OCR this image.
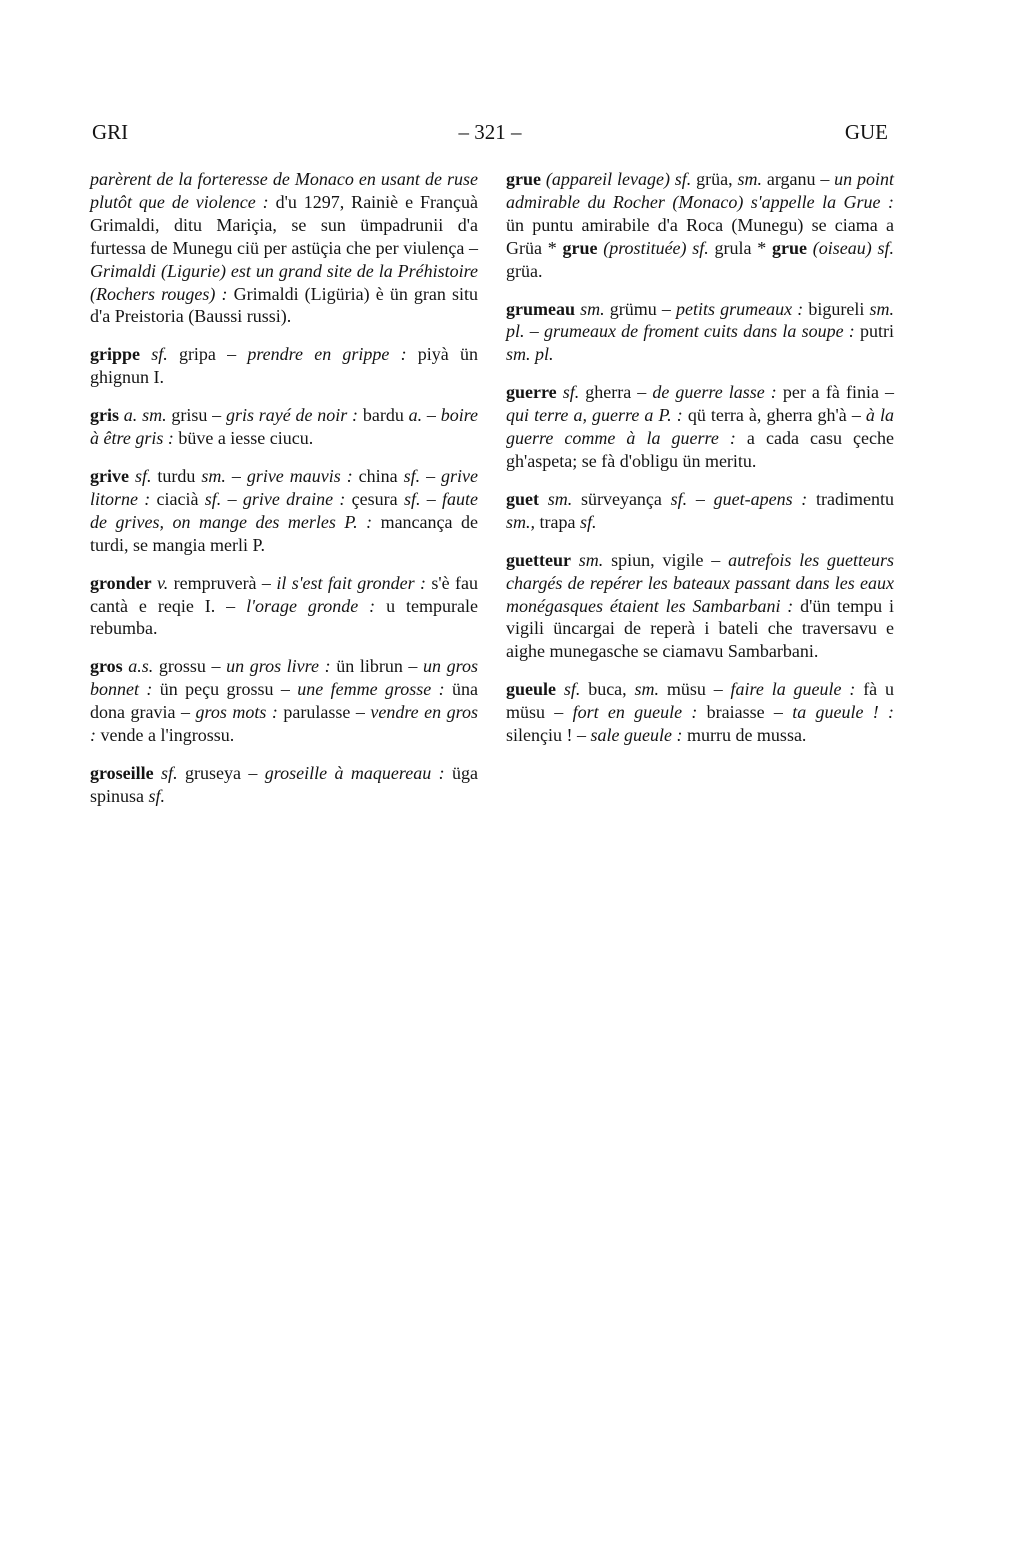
GRI	– 321 –	GUE

parèrent de la forteresse de Monaco en usant de ruse plutôt que de violence : d'u 1297, Rainiè e Françuà Grimaldi, ditu Mariçia, se sun ümpadrunii d'a furtessa de Munegu ciü per astüçia che per viulença – Grimaldi (Ligurie) est un grand site de la Préhistoire (Rochers rouges) : Grimaldi (Ligüria) è ün gran situ d'a Preistoria (Baussi russi).

grippe sf. gripa – prendre en grippe : piyà ün ghignun I.

gris a. sm. grisu – gris rayé de noir : bardu a. – boire à être gris : büve a iesse ciucu.

grive sf. turdu sm. – grive mauvis : china sf. – grive litorne : ciacià sf. – grive draine : çesura sf. – faute de grives, on mange des merles P. : mancança de turdi, se mangia merli P.

gronder v. rempruverà – il s'est fait gronder : s'è fau cantà e reqie I. – l'orage gronde : u tempurale rebumba.

gros a.s. grossu – un gros livre : ün librun – un gros bonnet : ün peçu grossu – une femme grosse : üna dona gravia – gros mots : parulasse – vendre en gros : vende a l'ingrossu.

groseille sf. gruseya – groseille à maquereau : üga spinusa sf.

grue (appareil levage) sf. grüa, sm. arganu – un point admirable du Rocher (Monaco) s'appelle la Grue : ün puntu amirabile d'a Roca (Munegu) se ciama a Grüa * grue (prostituée) sf. grula * grue (oiseau) sf. grüa.

grumeau sm. grümu – petits grumeaux : bigureli sm. pl. – grumeaux de froment cuits dans la soupe : putri sm. pl.

guerre sf. gherra – de guerre lasse : per a fà finia – qui terre a, guerre a P. : qü terra à, gherra gh'à – à la guerre comme à la guerre : a cada casu çeche gh'aspeta; se fà d'obligu ün meritu.

guet sm. sürveyança sf. – guet-apens : tradimentu sm., trapa sf.

guetteur sm. spiun, vigile – autrefois les guetteurs chargés de repérer les bateaux passant dans les eaux monégasques étaient les Sambarbani : d'ün tempu i vigili üncargai de reperà i bateli che traversavu e aighe munegasche se ciamavu Sambarbani.

gueule sf. buca, sm. müsu – faire la gueule : fà u müsu – fort en gueule : braiasse – ta gueule ! : silençiu ! – sale gueule : murru de mussa.
